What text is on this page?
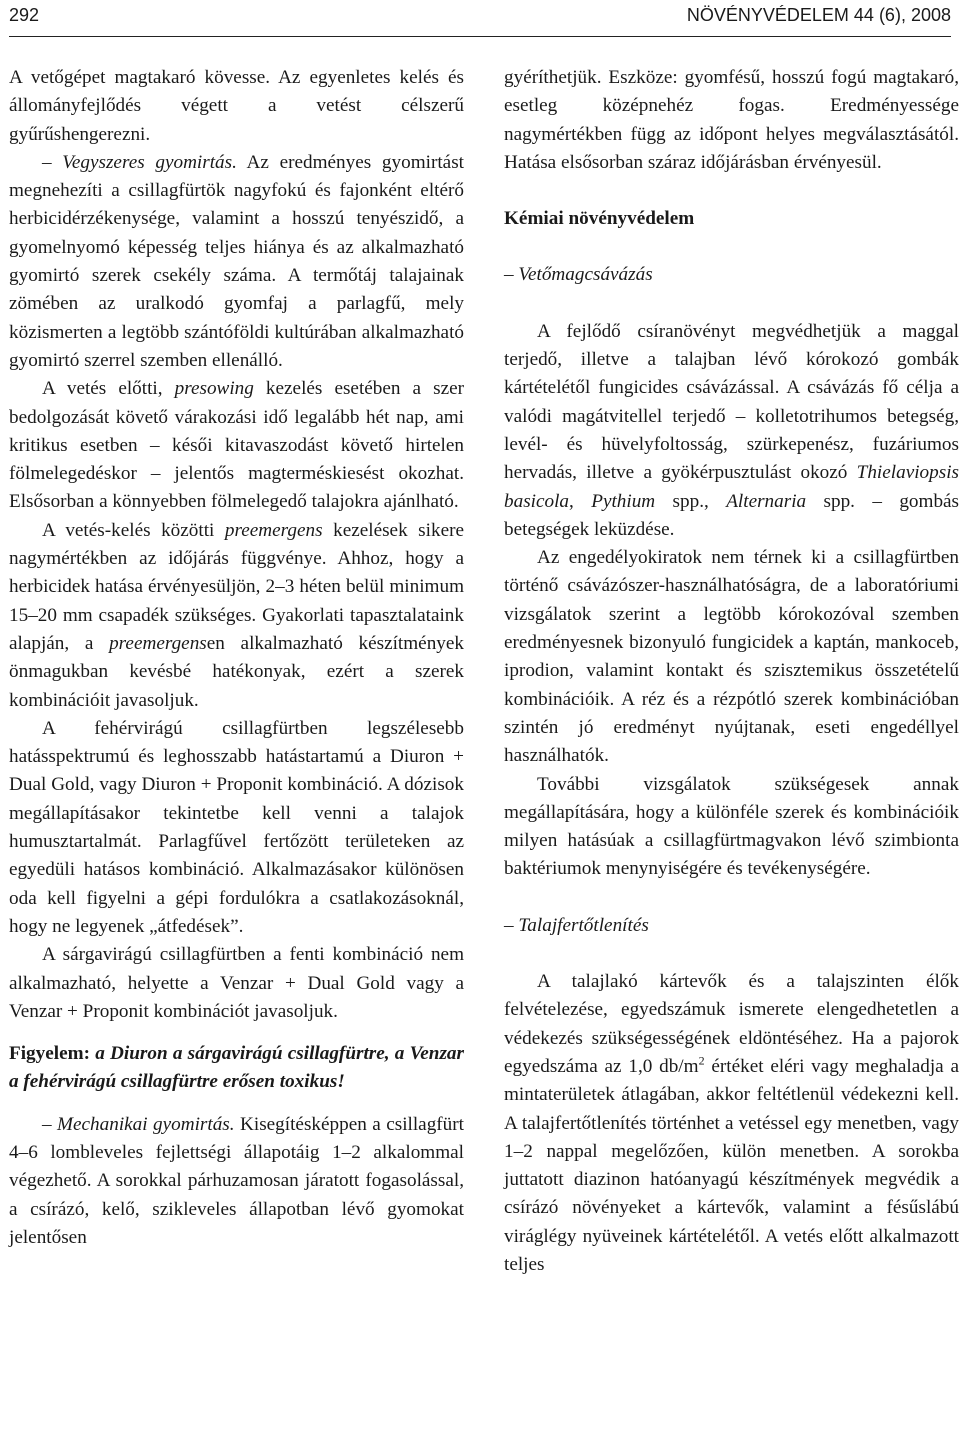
292	NÖVÉNYVÉDELEM 44 (6), 2008

A vetőgépet magtakaró kövesse. Az egyenletes kelés és állományfejlődés végett a vetést célszerű gyűrűshengerezni.

– Vegyszeres gyomirtás. Az eredményes gyomirtást megnehezíti a csillagfürtök nagyfokú és fajonként eltérő herbicidérzékenysége, valamint a hosszú tenyészidő, a gyomelnyomó képesség teljes hiánya és az alkalmazható gyomirtó szerek csekély száma. A termőtáj talajainak zömében az uralkodó gyomfaj a parlagfű, mely közismerten a legtöbb szántóföldi kultúrában alkalmazható gyomirtó szerrel szemben ellenálló.

A vetés előtti, presowing kezelés esetében a szer bedolgozását követő várakozási idő legalább hét nap, ami kritikus esetben – késői kitavaszodást követő hirtelen fölmelegedéskor – jelentős magterméskiesést okozhat. Elsősorban a könnyebben fölmelegedő talajokra ajánlható.

A vetés-kelés közötti preemergens kezelések sikere nagymértékben az időjárás függvénye. Ahhoz, hogy a herbicidek hatása érvényesüljön, 2–3 héten belül minimum 15–20 mm csapadék szükséges. Gyakorlati tapasztalataink alapján, a preemergensen alkalmazható készítmények önmagukban kevésbé hatékonyak, ezért a szerek kombinációit javasoljuk.

A fehérvirágú csillagfürtben legszélesebb hatásspektrumú és leghosszabb hatástartamú a Diuron + Dual Gold, vagy Diuron + Proponit kombináció. A dózisok megállapításakor tekintetbe kell venni a talajok humusztartalmát. Parlagfűvel fertőzött területeken az egyedüli hatásos kombináció. Alkalmazásakor különösen oda kell figyelni a gépi fordulókra a csatlakozásoknál, hogy ne legyenek „átfedések”.

A sárgavirágú csillagfürtben a fenti kombináció nem alkalmazható, helyette a Venzar + Dual Gold vagy a Venzar + Proponit kombinációt javasoljuk.

Figyelem: a Diuron a sárgavirágú csillagfürtre, a Venzar a fehérvirágú csillagfürtre erősen toxikus!

– Mechanikai gyomirtás. Kisegítésképpen a csillagfürt 4–6 lombleveles fejlettségi állapotáig 1–2 alkalommal végezhető. A sorokkal párhuzamosan járatott fogasolással, a csírázó, kelő, szikleveles állapotban lévő gyomokat jelentősen

gyéríthetjük. Eszköze: gyomfésű, hosszú fogú magtakaró, esetleg középnehéz fogas. Eredményessége nagymértékben függ az időpont helyes megválasztásától. Hatása elsősorban száraz időjárásban érvényesül.

Kémiai növényvédelem

– Vetőmagcsávázás

A fejlődő csíranövényt megvédhetjük a maggal terjedő, illetve a talajban lévő kórokozó gombák kártételétől fungicides csávázással. A csávázás fő célja a valódi magátvitellel terjedő – kolletotrihumos betegség, levél- és hüvelyfoltosság, szürkepenész, fuzáriumos hervadás, illetve a gyökérpusztulást okozó Thielaviopsis basicola, Pythium spp., Alternaria spp. – gombás betegségek leküzdése.

Az engedélyokiratok nem térnek ki a csillagfürtben történő csávázószer-használhatóságra, de a laboratóriumi vizsgálatok szerint a legtöbb kórokozóval szemben eredményesnek bizonyuló fungicidek a kaptán, mankoceb, iprodion, valamint kontakt és szisztemikus összetételű kombinációik. A réz és a rézpótló szerek kombinációban szintén jó eredményt nyújtanak, eseti engedéllyel használhatók.

További vizsgálatok szükségesek annak megállapítására, hogy a különféle szerek és kombinációik milyen hatásúak a csillagfürtmagvakon lévő szimbionta baktériumok menynyiségére és tevékenységére.

– Talajfertőtlenítés

A talajlakó kártevők és a talajszinten élők felvételezése, egyedszámuk ismerete elengedhetetlen a védekezés szükségességének eldöntéséhez. Ha a pajorok egyedszáma az 1,0 $db/m^2$ értéket eléri vagy meghaladja a mintaterületek átlagában, akkor feltétlenül védekezni kell. A talajfertőtlenítés történhet a vetéssel egy menetben, vagy 1–2 nappal megelőzően, külön menetben. A sorokba juttatott diazinon hatóanyagú készítmények megvédik a csírázó növényeket a kártevők, valamint a fésűslábú viráglégy nyüveinek kártételétől. A vetés előtt alkalmazott teljes
